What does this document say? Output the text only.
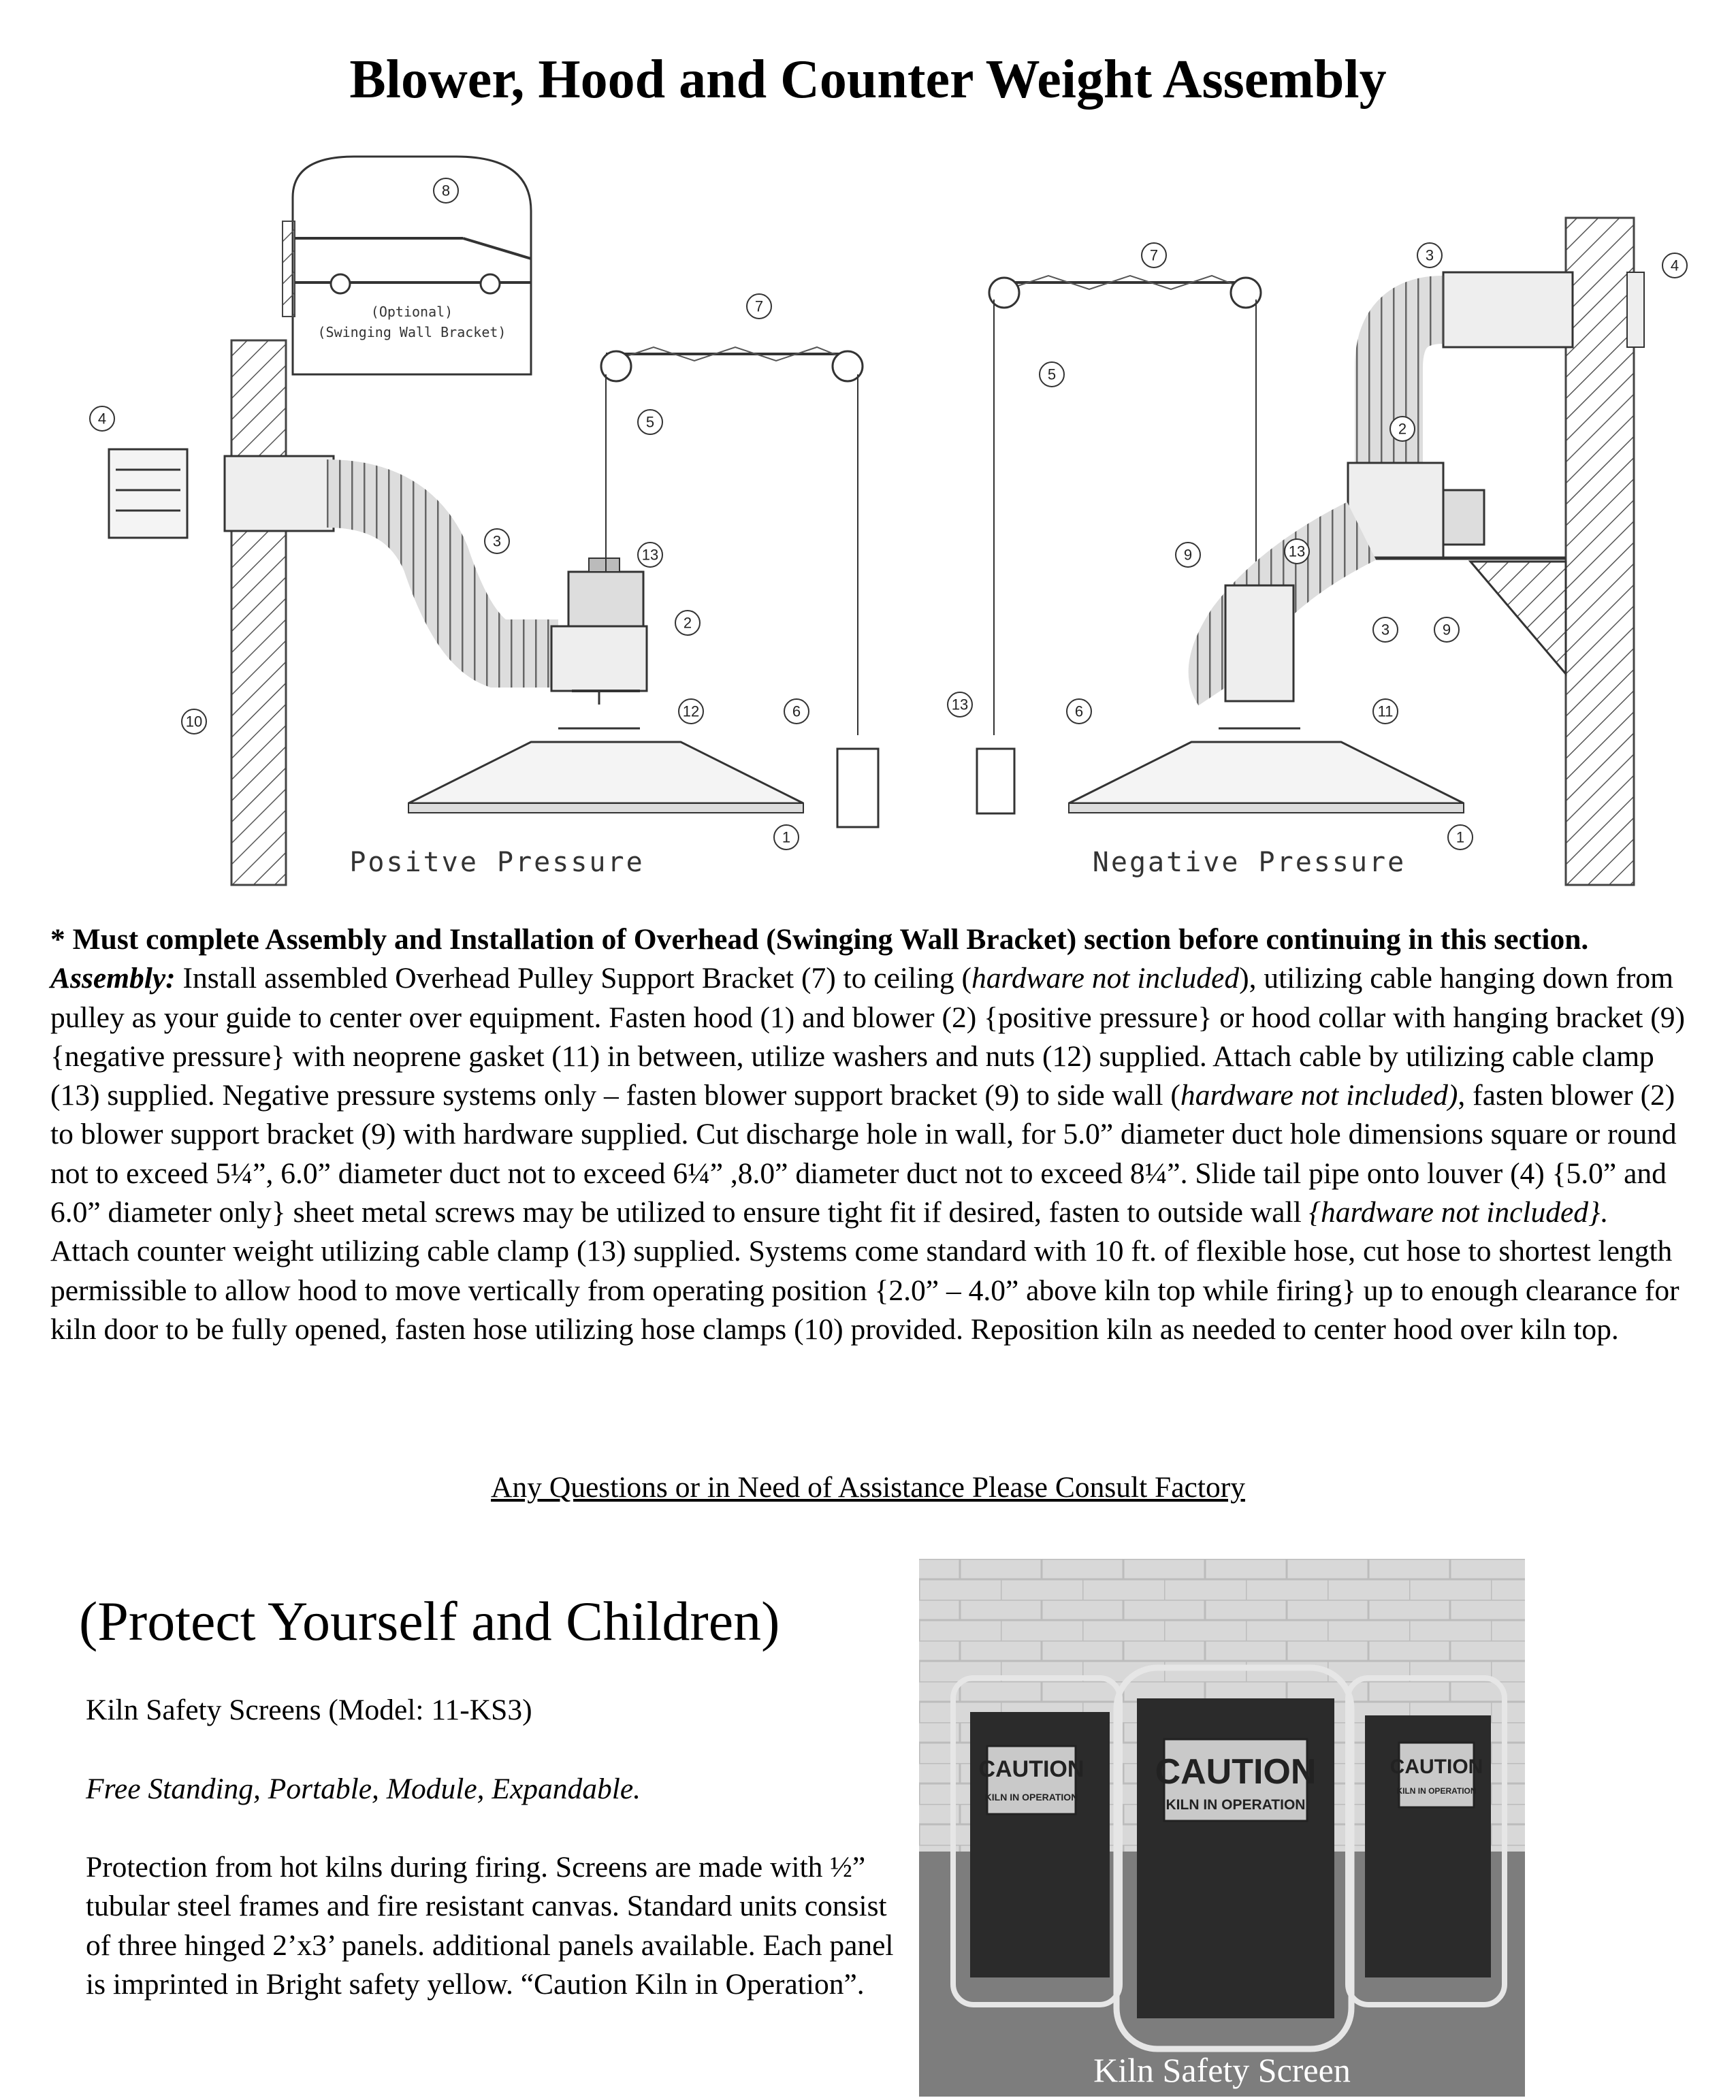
Blower, Hood and Counter Weight Assembly
(Optional)
(Swinging Wall Bracket)
Positve Pressure	Negative Pressure
8
7
4	5
3
13
2
12	6
10
1
7	3
4
5
2
9	13
3	9
13	6	11
1

* Must complete Assembly and Installation of Overhead (Swinging Wall Bracket) section before continuing in this section.

Assembly: Install assembled Overhead Pulley Support Bracket (7) to ceiling (hardware not included), utilizing cable hanging down from pulley as your guide to center over equipment. Fasten hood (1) and blower (2) {positive pressure} or hood collar with hanging bracket (9) {negative pressure} with neoprene gasket (11) in between, utilize washers and nuts (12) supplied. Attach cable by utilizing cable clamp (13) supplied. Negative pressure systems only – fasten blower support bracket (9) to side wall (hardware not included), fasten blower (2) to blower support bracket (9) with hardware supplied. Cut discharge hole in wall, for 5.0” diameter duct hole dimensions square or round not to exceed 5¼”, 6.0” diameter duct not to exceed 6¼” ,8.0” diameter duct not to exceed 8¼”. Slide tail pipe onto louver (4) {5.0” and 6.0” diameter only} sheet metal screws may be utilized to ensure tight fit if desired, fasten to outside wall {hardware not included}. Attach counter weight utilizing cable clamp (13) supplied. Systems come standard with 10 ft. of flexible hose, cut hose to shortest length permissible to allow hood to move vertically from operating position {2.0” – 4.0” above kiln top while firing} up to enough clearance for kiln door to be fully opened, fasten hose utilizing hose clamps (10) provided. Reposition kiln as needed to center hood over kiln top.

Any Questions or in Need of Assistance Please Consult Factory
(Protect Yourself and Children)
Kiln Safety Screens (Model: 11-KS3)
Free Standing, Portable, Module, Expandable.
Protection from hot kilns during firing. Screens are made with ½” tubular steel frames and fire resistant canvas. Standard units consist of three hinged 2’x3’ panels. additional panels available. Each panel is imprinted in Bright safety yellow. “Caution Kiln in Operation”.
CAUTION
KILN IN OPERATION
CAUTION
KILN IN OPERATION
CAUTION
KILN IN OPERATION
Kiln Safety Screen
